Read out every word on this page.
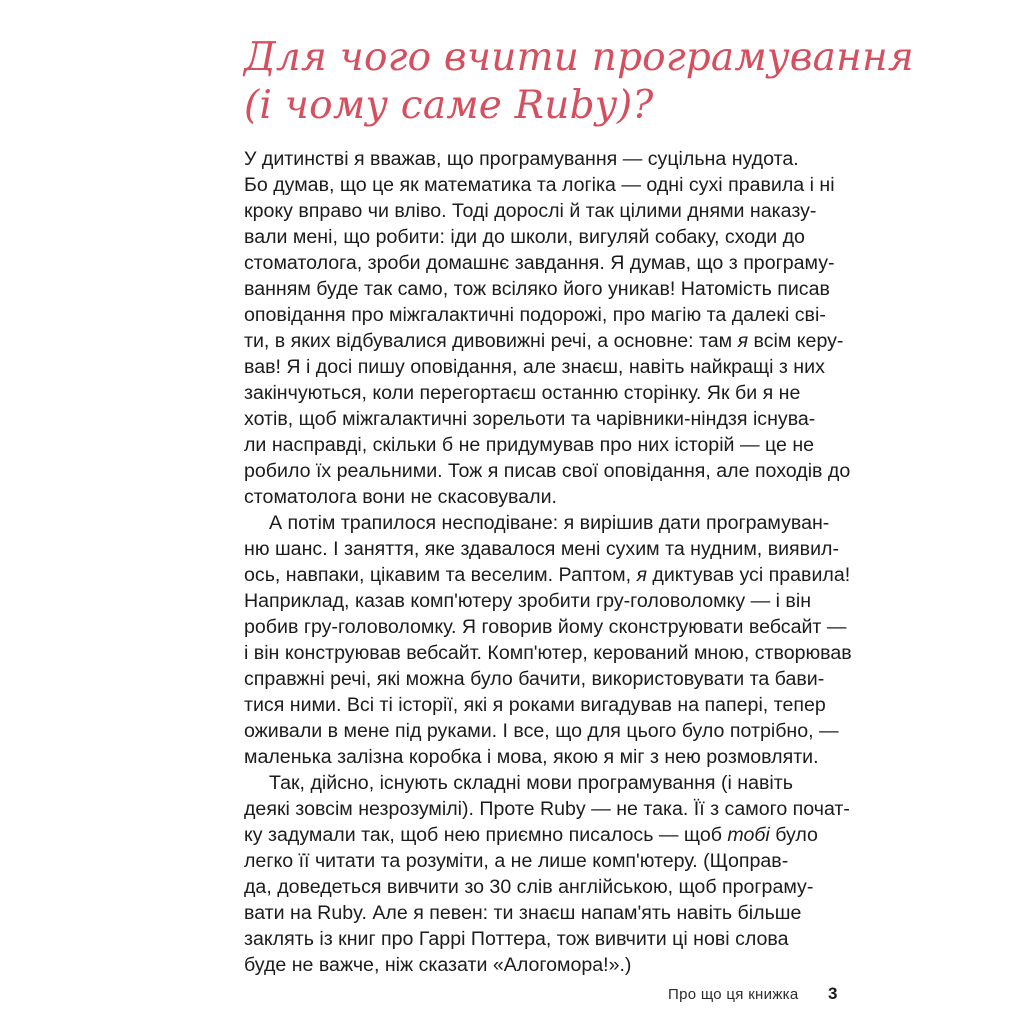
Для чого вчити програмування
(і чому саме Ruby)?
У дитинстві я вважав, що програмування — суцільна нудота.
Бо думав, що це як математика та логіка — одні сухі правила і ні
кроку вправо чи вліво. Тоді дорослі й так цілими днями наказу-
вали мені, що робити: іди до школи, вигуляй собаку, сходи до
стоматолога, зроби домашнє завдання. Я думав, що з програму-
ванням буде так само, тож всіляко його уникав! Натомість писав
оповідання про міжгалактичні подорожі, про магію та далекі сві-
ти, в яких відбувалися дивовижні речі, а основне: там я всім керу-
вав! Я і досі пишу оповідання, але знаєш, навіть найкращі з них
закінчуються, коли перегортаєш останню сторінку. Як би я не
хотів, щоб міжгалактичні зорельоти та чарівники-ніндзя існува-
ли насправді, скільки б не придумував про них історій — це не
робило їх реальними. Тож я писав свої оповідання, але походів до
стоматолога вони не скасовували.
А потім трапилося несподіване: я вирішив дати програмуван-
ню шанс. І заняття, яке здавалося мені сухим та нудним, виявил-
ось, навпаки, цікавим та веселим. Раптом, я диктував усі правила!
Наприклад, казав комп'ютеру зробити гру-головоломку — і він
робив гру-головоломку. Я говорив йому сконструювати вебсайт —
і він конструював вебсайт. Комп'ютер, керований мною, створював
справжні речі, які можна було бачити, використовувати та бави-
тися ними. Всі ті історії, які я роками вигадував на папері, тепер
оживали в мене під руками. І все, що для цього було потрібно, —
маленька залізна коробка і мова, якою я міг з нею розмовляти.
Так, дійсно, існують складні мови програмування (і навіть
деякі зовсім незрозумілі). Проте Ruby — не така. Її з самого почат-
ку задумали так, щоб нею приємно писалось — щоб тобі було
легко її читати та розуміти, а не лише комп'ютеру. (Щоправ-
да, доведеться вивчити зо 30 слів англійською, щоб програму-
вати на Ruby. Але я певен: ти знаєш напам'ять навіть більше
заклять із книг про Гаррі Поттера, тож вивчити ці нові слова
буде не важче, ніж сказати «Алогомора!».)
Про що ця книжка 3
